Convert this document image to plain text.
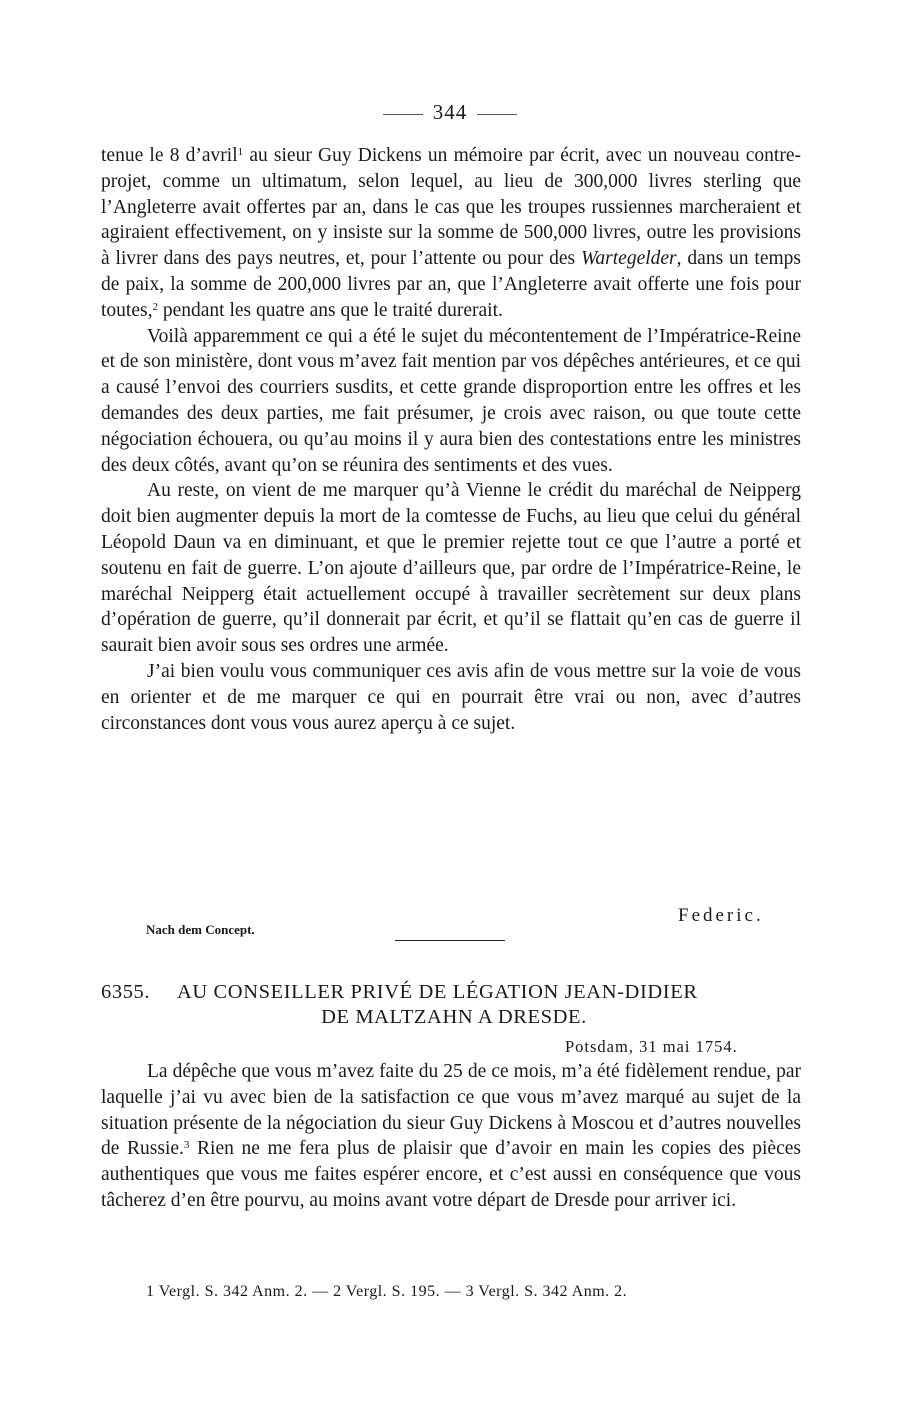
344

tenue le 8 d’avril$^1$ au sieur Guy Dickens un mémoire par écrit, avec un nouveau contre-projet, comme un ultimatum, selon lequel, au lieu de 300,000 livres sterling que l’Angleterre avait offertes par an, dans le cas que les troupes russiennes marcheraient et agiraient effectivement, on y insiste sur la somme de 500,000 livres, outre les provisions à livrer dans des pays neutres, et, pour l’attente ou pour des Wartegelder, dans un temps de paix, la somme de 200,000 livres par an, que l’Angleterre avait offerte une fois pour toutes,$^2$ pendant les quatre ans que le traité durerait.

Voilà apparemment ce qui a été le sujet du mécontentement de l’Impératrice-Reine et de son ministère, dont vous m’avez fait mention par vos dépêches antérieures, et ce qui a causé l’envoi des courriers susdits, et cette grande disproportion entre les offres et les demandes des deux parties, me fait présumer, je crois avec raison, ou que toute cette négociation échouera, ou qu’au moins il y aura bien des contestations entre les ministres des deux côtés, avant qu’on se réunira des sentiments et des vues.

Au reste, on vient de me marquer qu’à Vienne le crédit du maréchal de Neipperg doit bien augmenter depuis la mort de la comtesse de Fuchs, au lieu que celui du général Léopold Daun va en diminuant, et que le premier rejette tout ce que l’autre a porté et soutenu en fait de guerre. L’on ajoute d’ailleurs que, par ordre de l’Impératrice-Reine, le maréchal Neipperg était actuellement occupé à travailler secrètement sur deux plans d’opération de guerre, qu’il donnerait par écrit, et qu’il se flattait qu’en cas de guerre il saurait bien avoir sous ses ordres une armée.

J’ai bien voulu vous communiquer ces avis afin de vous mettre sur la voie de vous en orienter et de me marquer ce qui en pourrait être vrai ou non, avec d’autres circonstances dont vous vous aurez aperçu à ce sujet.

Federic.
Nach dem Concept.
6355. AU CONSEILLER PRIVÉ DE LÉGATION JEAN-DIDIER
DE MALTZAHN A DRESDE.
Potsdam, 31 mai 1754.

La dépêche que vous m’avez faite du 25 de ce mois, m’a été fidèlement rendue, par laquelle j’ai vu avec bien de la satisfaction ce que vous m’avez marqué au sujet de la situation présente de la négociation du sieur Guy Dickens à Moscou et d’autres nouvelles de Russie.$^3$ Rien ne me fera plus de plaisir que d’avoir en main les copies des pièces authentiques que vous me faites espérer encore, et c’est aussi en conséquence que vous tâcherez d’en être pourvu, au moins avant votre départ de Dresde pour arriver ici.

1 Vergl. S. 342 Anm. 2. — 2 Vergl. S. 195. — 3 Vergl. S. 342 Anm. 2.
